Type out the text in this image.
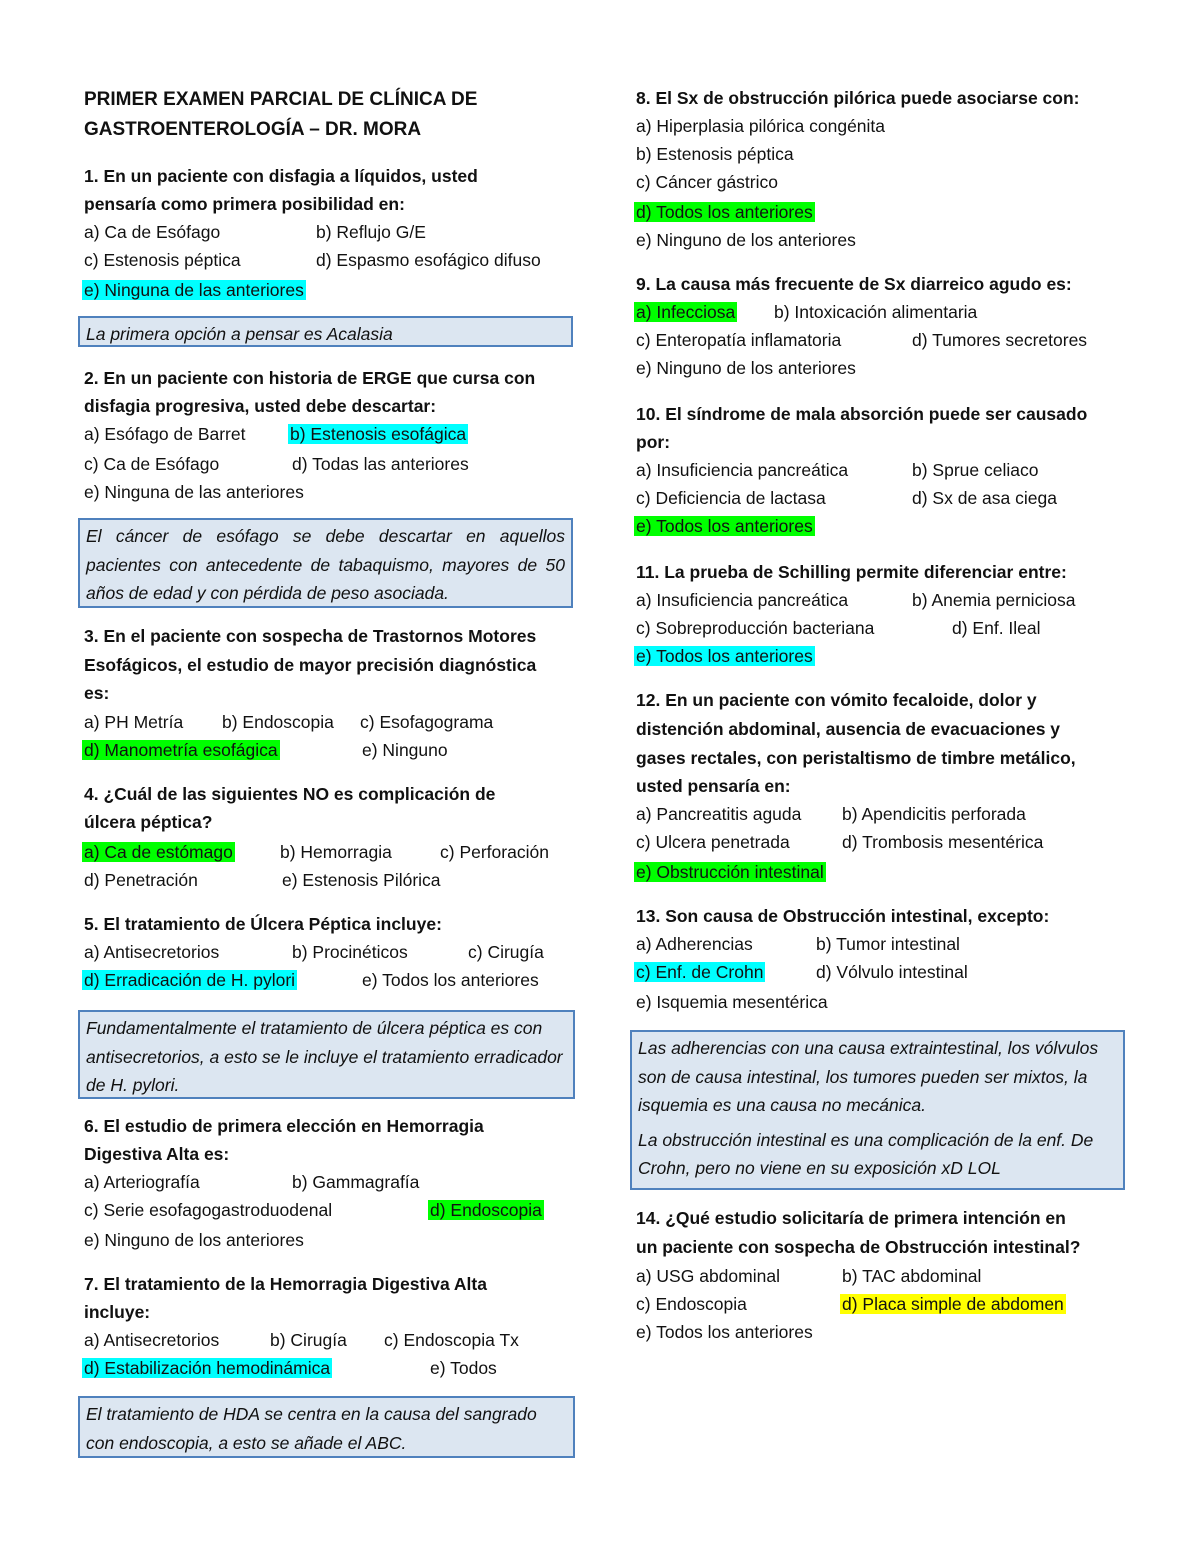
PRIMER EXAMEN PARCIAL DE CLÍNICA DE
GASTROENTEROLOGÍA – DR. MORA
1. En un paciente con disfagia a líquidos, usted
pensaría como primera posibilidad en:
a) Ca de Esófago	b) Reflujo G/E
c) Estenosis péptica	d) Espasmo esofágico difuso
e) Ninguna de las anteriores

La primera opción a pensar es Acalasia

2. En un paciente con historia de ERGE que cursa con
disfagia progresiva, usted debe descartar:
a) Esófago de Barret	b) Estenosis esofágica
c) Ca de Esófago	d) Todas las anteriores
e) Ninguna de las anteriores

El cáncer de esófago se debe descartar en aquellos pacientes con antecedente de tabaquismo, mayores de 50 años de edad y con pérdida de peso asociada.

3. En el paciente con sospecha de Trastornos Motores
Esofágicos, el estudio de mayor precisión diagnóstica
es:
a) PH Metría b) Endoscopia c) Esofagograma
d) Manometría esofágica	e) Ninguno
4. ¿Cuál de las siguientes NO es complicación de
úlcera péptica?
a) Ca de estómago	b) Hemorragia	c) Perforación
d) Penetración	e) Estenosis Pilórica
5. El tratamiento de Úlcera Péptica incluye:
a) Antisecretorios	b) Procinéticos	c) Cirugía
d) Erradicación de H. pylori	e) Todos los anteriores

Fundamentalmente el tratamiento de úlcera péptica es con antisecretorios, a esto se le incluye el tratamiento erradicador de H. pylori.

6. El estudio de primera elección en Hemorragia
Digestiva Alta es:
a) Arteriografía	b) Gammagrafía
c) Serie esofagogastroduodenal	d) Endoscopia
e) Ninguno de los anteriores
7. El tratamiento de la Hemorragia Digestiva Alta
incluye:
a) Antisecretorios	b) Cirugía c) Endoscopia Tx
d) Estabilización hemodinámica	e) Todos

El tratamiento de HDA se centra en la causa del sangrado con endoscopia, a esto se añade el ABC.

8. El Sx de obstrucción pilórica puede asociarse con:
a) Hiperplasia pilórica congénita
b) Estenosis péptica
c) Cáncer gástrico
d) Todos los anteriores
e) Ninguno de los anteriores
9. La causa más frecuente de Sx diarreico agudo es:
a) Infecciosa b) Intoxicación alimentaria
c) Enteropatía inflamatoria	d) Tumores secretores
e) Ninguno de los anteriores
10. El síndrome de mala absorción puede ser causado
por:
a) Insuficiencia pancreática	b) Sprue celiaco
c) Deficiencia de lactasa	d) Sx de asa ciega
e) Todos los anteriores
11. La prueba de Schilling permite diferenciar entre:
a) Insuficiencia pancreática	b) Anemia perniciosa
c) Sobreproducción bacteriana	d) Enf. Ileal
e) Todos los anteriores
12. En un paciente con vómito fecaloide, dolor y
distención abdominal, ausencia de evacuaciones y
gases rectales, con peristaltismo de timbre metálico,
usted pensaría en:
a) Pancreatitis aguda b) Apendicitis perforada
c) Ulcera penetrada	d) Trombosis mesentérica
e) Obstrucción intestinal
13. Son causa de Obstrucción intestinal, excepto:
a) Adherencias	b) Tumor intestinal
c) Enf. de Crohn	d) Vólvulo intestinal
e) Isquemia mesentérica

Las adherencias con una causa extraintestinal, los vólvulos son de causa intestinal, los tumores pueden ser mixtos, la isquemia es una causa no mecánica.

La obstrucción intestinal es una complicación de la enf. De Crohn, pero no viene en su exposición xD LOL

14. ¿Qué estudio solicitaría de primera intención en
un paciente con sospecha de Obstrucción intestinal?
a) USG abdominal	b) TAC abdominal
c) Endoscopia	d) Placa simple de abdomen
e) Todos los anteriores
